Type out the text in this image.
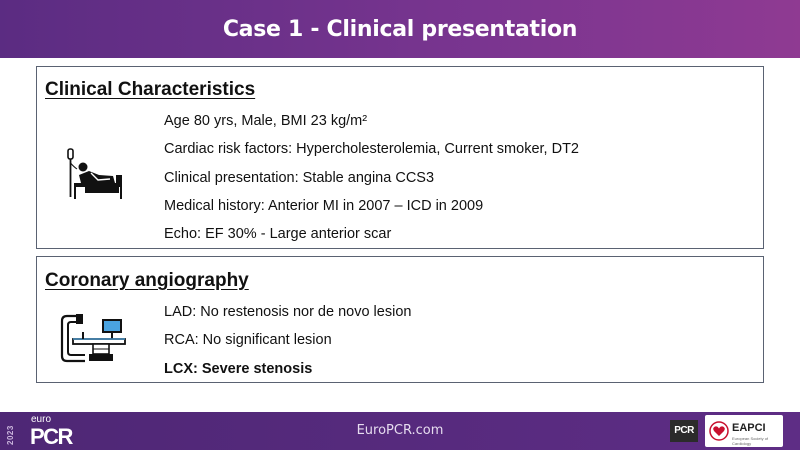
Case 1 - Clinical presentation
Clinical Characteristics
Age 80 yrs, Male, BMI 23 kg/m²
Cardiac risk factors: Hypercholesterolemia, Current smoker, DT2
Clinical presentation: Stable angina CCS3
Medical history: Anterior MI in 2007 – ICD in 2009
Echo: EF 30% - Large anterior scar
Coronary angiography
LAD: No restenosis nor de novo lesion
RCA: No significant lesion
LCX: Severe stenosis
2023
euro
PCR	EuroPCR.com	PCR	EAPCI
European Society of Cardiology
